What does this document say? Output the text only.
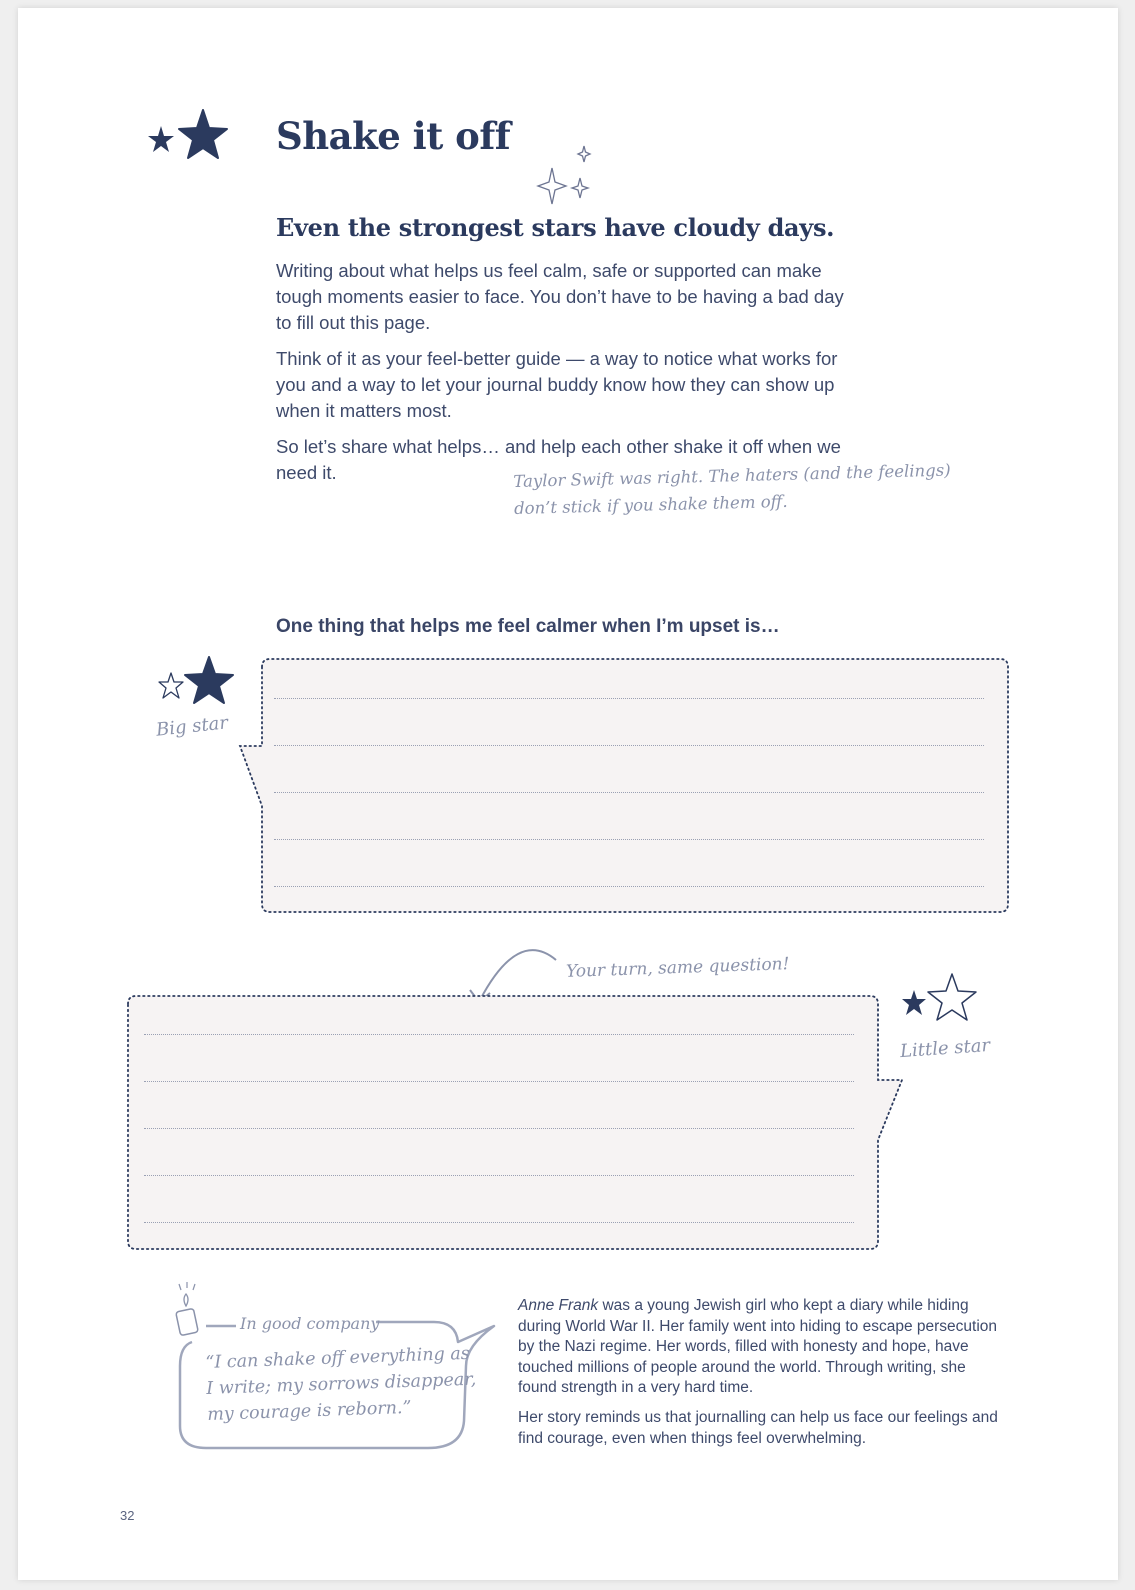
Shake it off
Even the strongest stars have cloudy days.

Writing about what helps us feel calm, safe or supported can make tough moments easier to face. You don’t have to be having a bad day to fill out this page.

Think of it as your feel-better guide — a way to notice what works for you and a way to let your journal buddy know how they can show up when it matters most.

So let’s share what helps… and help each other shake it off when we need it.	Taylor Swift was right. The haters (and the feelings)
don’t stick if you shake them off.

One thing that helps me feel calmer when I’m upset is…

Big star
Your turn, same question!
Little star
In good company
“I can shake off everything as
I write; my sorrows disappear,
my courage is reborn.”

Anne Frank was a young Jewish girl who kept a diary while hiding during World War II. Her family went into hiding to escape persecution by the Nazi regime. Her words, filled with honesty and hope, have touched millions of people around the world. Through writing, she found strength in a very hard time.

Her story reminds us that journalling can help us face our feelings and find courage, even when things feel overwhelming.

32
